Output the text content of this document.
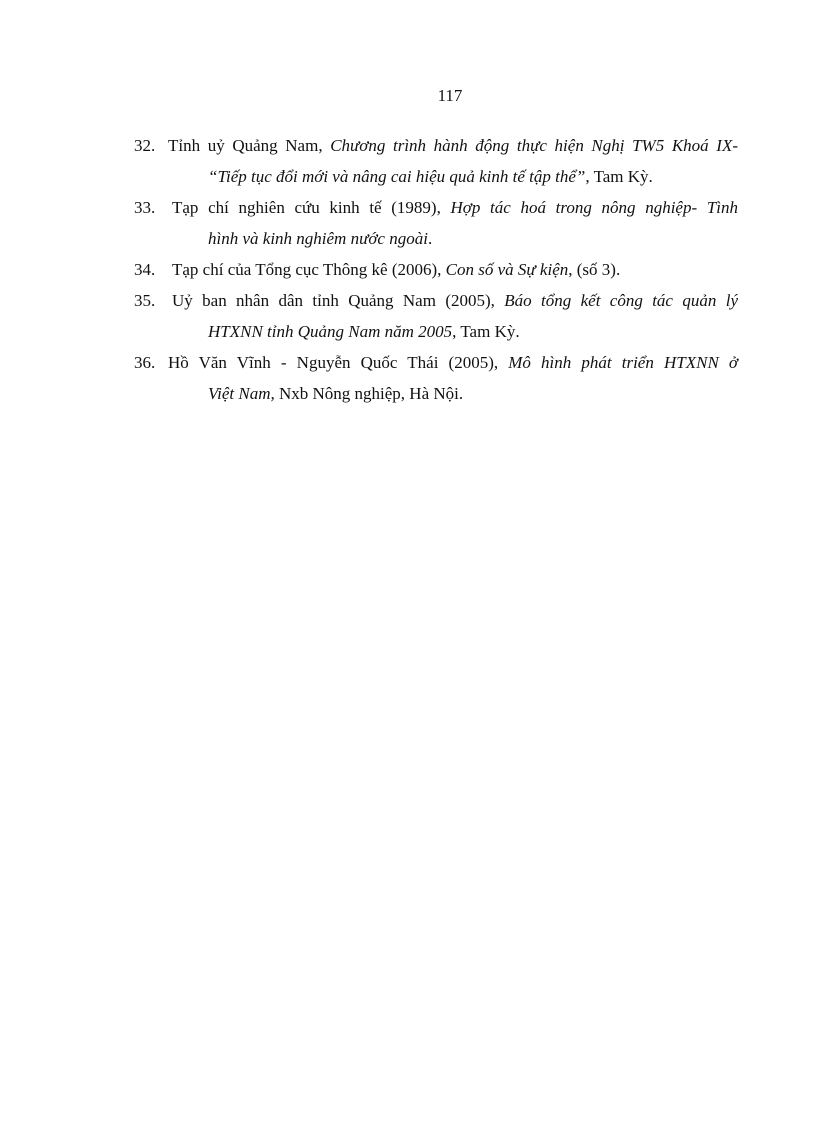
117
32. Tỉnh uỷ Quảng Nam, Chương trình hành động thực hiện Nghị TW5 Khoá IX-
“Tiếp tục đổi mới và nâng cai hiệu quả kinh tế tập thể”, Tam Kỳ.
33. Tạp chí nghiên cứu kinh tế (1989), Hợp tác hoá trong nông nghiệp- Tình
hình và kinh nghiêm nước ngoài.
34. Tạp chí của Tổng cục Thông kê (2006), Con số và Sự kiện, (số 3).
35. Uỷ ban nhân dân tỉnh Quảng Nam (2005), Báo tổng kết công tác quản lý
HTXNN tỉnh Quảng Nam năm 2005, Tam Kỳ.
36. Hồ Văn Vĩnh - Nguyễn Quốc Thái (2005), Mô hình phát triển HTXNN ở
Việt Nam, Nxb Nông nghiệp, Hà Nội.
